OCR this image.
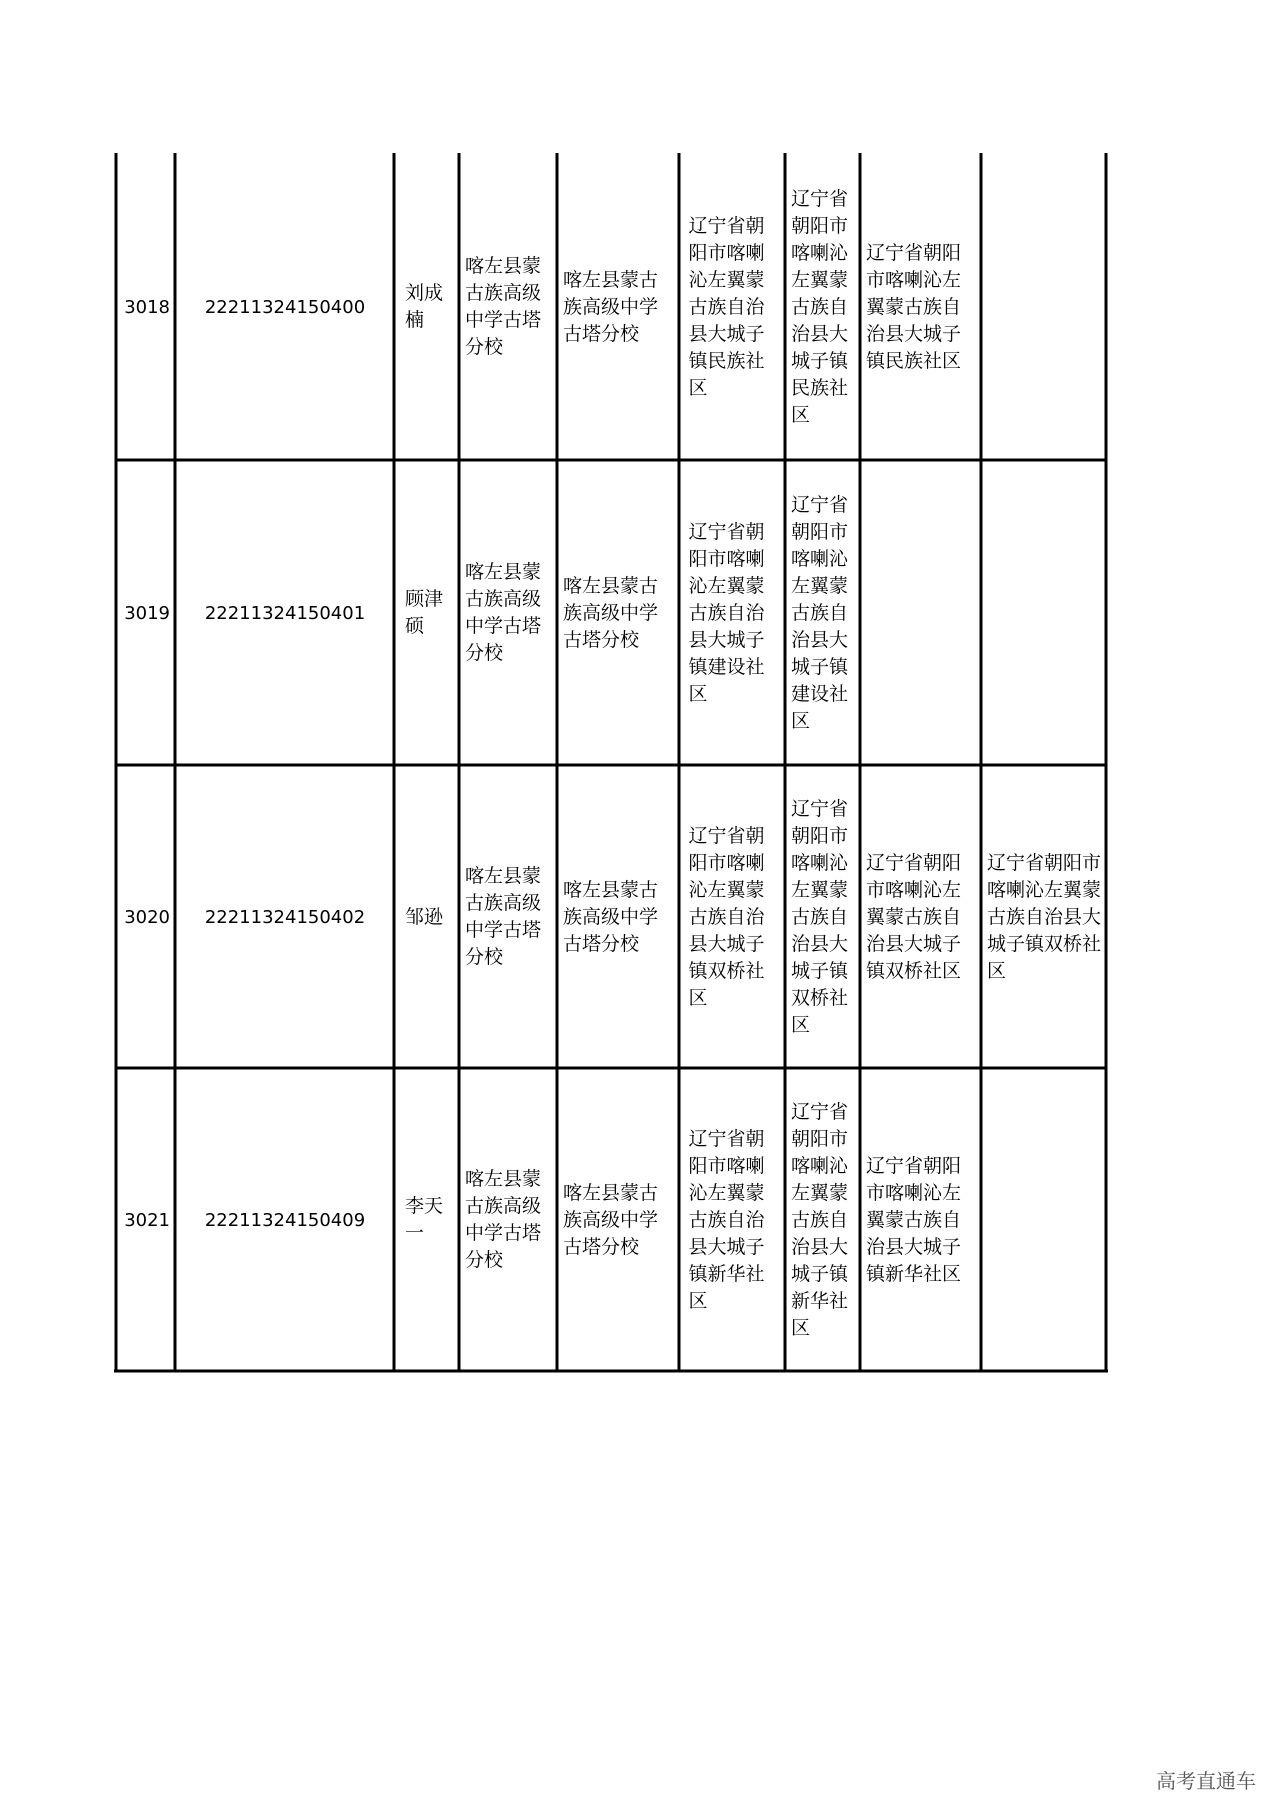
3018 22211324150400
刘成楠
喀左县蒙古族高级中学古塔分校
喀左县蒙古族高级中学古塔分校
辽宁省朝阳市喀喇沁左翼蒙古族自治县大城子镇民族社区
辽宁省朝阳市喀喇沁左翼蒙古族自治县大城子镇民族社区
辽宁省朝阳市喀喇沁左翼蒙古族自治县大城子镇民族社区
3019 22211324150401
顾津硕
喀左县蒙古族高级中学古塔分校
喀左县蒙古族高级中学古塔分校
辽宁省朝阳市喀喇沁左翼蒙古族自治县大城子镇建设社区
辽宁省朝阳市喀喇沁左翼蒙古族自治县大城子镇建设社区
3020 22211324150402 邹逊
喀左县蒙古族高级中学古塔分校
喀左县蒙古族高级中学古塔分校
辽宁省朝阳市喀喇沁左翼蒙古族自治县大城子镇双桥社区
辽宁省朝阳市喀喇沁左翼蒙古族自治县大城子镇双桥社区
辽宁省朝阳市喀喇沁左翼蒙古族自治县大城子镇双桥社区
辽宁省朝阳市喀喇沁左翼蒙古族自治县大城子镇双桥社区
3021 22211324150409
李天一
喀左县蒙古族高级中学古塔分校
喀左县蒙古族高级中学古塔分校
辽宁省朝阳市喀喇沁左翼蒙古族自治县大城子镇新华社区
辽宁省朝阳市喀喇沁左翼蒙古族自治县大城子镇新华社区
辽宁省朝阳市喀喇沁左翼蒙古族自治县大城子镇新华社区
高考直通车
